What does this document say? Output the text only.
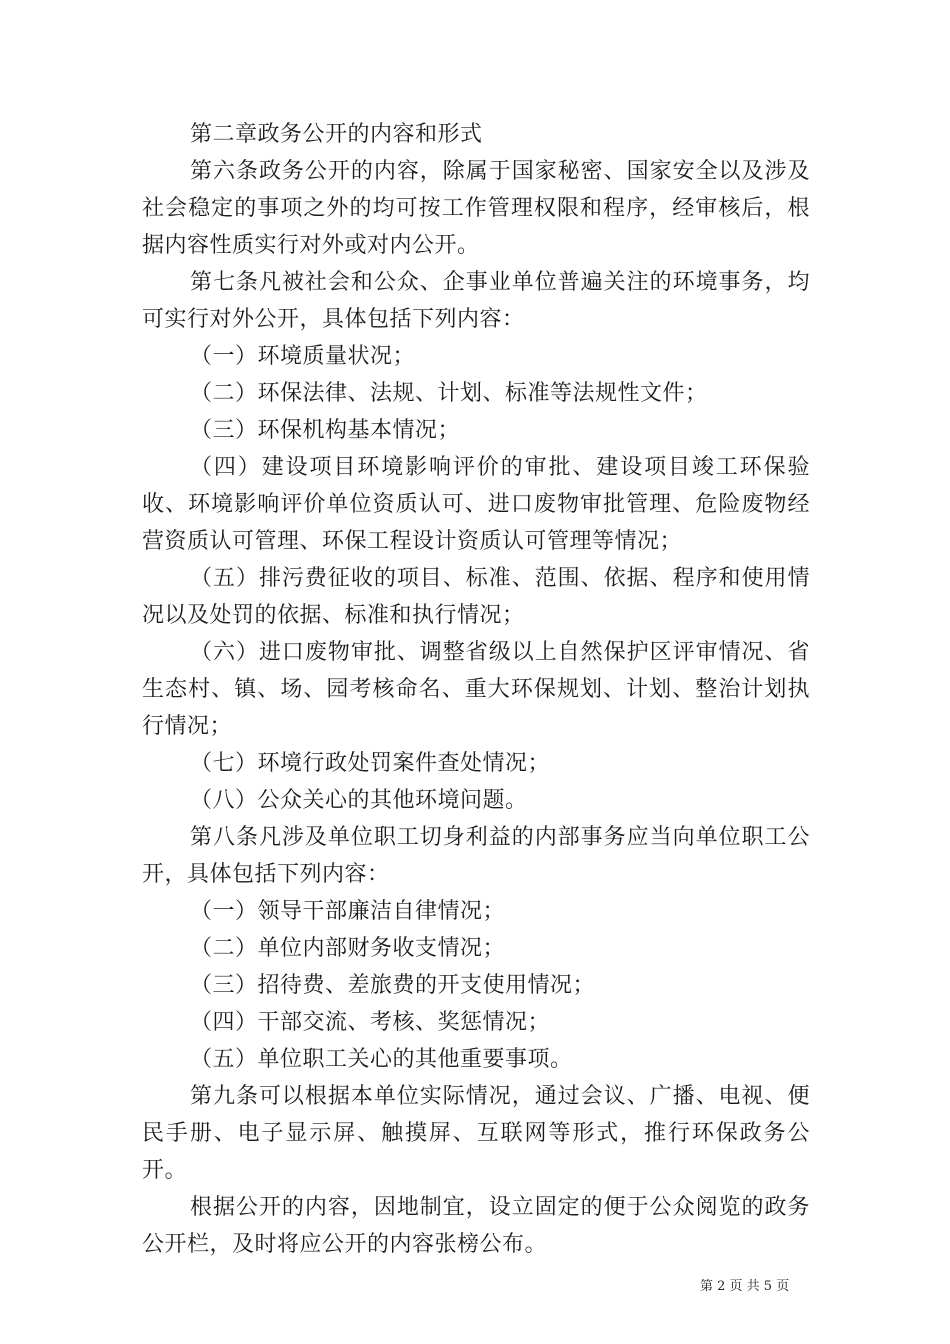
第二章政务公开的内容和形式

第六条政务公开的内容，除属于国家秘密、国家安全以及涉及社会稳定的事项之外的均可按工作管理权限和程序，经审核后，根据内容性质实行对外或对内公开。

第七条凡被社会和公众、企事业单位普遍关注的环境事务，均可实行对外公开，具体包括下列内容：

（一）环境质量状况；

（二）环保法律、法规、计划、标准等法规性文件；

（三）环保机构基本情况；

（四）建设项目环境影响评价的审批、建设项目竣工环保验收、环境影响评价单位资质认可、进口废物审批管理、危险废物经营资质认可管理、环保工程设计资质认可管理等情况；

（五）排污费征收的项目、标准、范围、依据、程序和使用情况以及处罚的依据、标准和执行情况；

（六）进口废物审批、调整省级以上自然保护区评审情况、省生态村、镇、场、园考核命名、重大环保规划、计划、整治计划执行情况；

（七）环境行政处罚案件查处情况；

（八）公众关心的其他环境问题。

第八条凡涉及单位职工切身利益的内部事务应当向单位职工公开，具体包括下列内容：

（一）领导干部廉洁自律情况；

（二）单位内部财务收支情况；

（三）招待费、差旅费的开支使用情况；

（四）干部交流、考核、奖惩情况；

（五）单位职工关心的其他重要事项。

第九条可以根据本单位实际情况，通过会议、广播、电视、便民手册、电子显示屏、触摸屏、互联网等形式，推行环保政务公开。

根据公开的内容，因地制宜，设立固定的便于公众阅览的政务公开栏，及时将应公开的内容张榜公布。

第 2 页 共 5 页
